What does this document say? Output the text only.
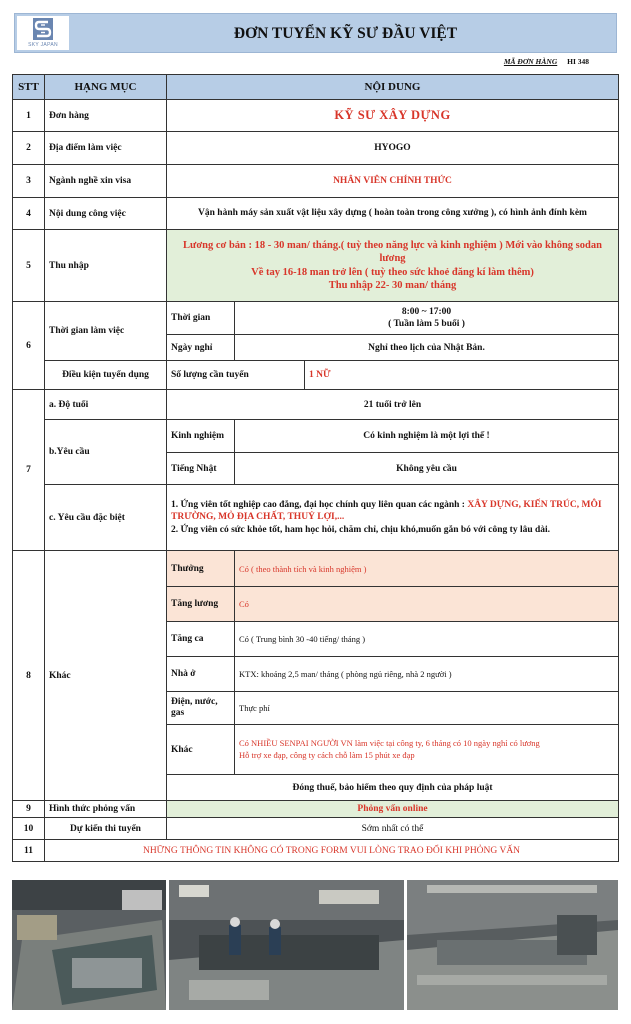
SKY JAPAN
ĐƠN TUYỂN KỸ SƯ ĐẦU VIỆT
MÃ ĐƠN HÀNG HI 348
STT	HẠNG MỤC	NỘI DUNG		
1	Đơn hàng	KỸ SƯ XÂY DỰNG		
2	Địa điểm làm việc	HYOGO		
3	Ngành nghề xin visa	NHÂN VIÊN CHÍNH THỨC		
4	Nội dung công việc	Vận hành máy sản xuất vật liệu xây dựng ( hoàn toàn trong công xưởng ), có hình ảnh đính kèm		
5	Thu nhập	Lương cơ bản : 18 - 30 man/ tháng.( tuỳ theo năng lực và kinh nghiệm ) Mới vào không sodan lương
Về tay 16-18 man trở lên ( tuỳ theo sức khoẻ đăng kí làm thêm)
Thu nhập 22- 30 man/ tháng		

6	Thời gian làm việc	Thời gian	8:00 ~ 17:00
( Tuần làm 5 buổi )	

		Ngày nghỉ	Nghỉ theo lịch của Nhật Bản.	
	Điều kiện tuyển dụng	Số lượng cần tuyển		1 NỮ
7	a. Độ tuổi	21 tuổi trở lên		
	b.Yêu cầu	Kinh nghiệm	Có kinh nghiệm là một lợi thế !	
		Tiếng Nhật	Không yêu cầu	
	c. Yêu cầu đặc biệt	1. Ứng viên tốt nghiệp cao đẳng, đại học chính quy liên quan các ngành : XÂY DỰNG, KIẾN TRÚC, MÔI TRƯỜNG, MỎ ĐỊA CHẤT, THUỶ LỢI,...
2. Ứng viên có sức khỏe tốt, ham học hỏi, chăm chỉ, chịu khó,muốn gắn bó với công ty lâu dài.		

8	Khác	Thưởng	Có ( theo thành tích và kinh nghiệm )	
		Tăng lương	Có	
		Tăng ca	Có ( Trung bình 30 -40 tiếng/ tháng )	
		Nhà ở	KTX: khoảng 2,5 man/ tháng ( phòng ngủ riêng, nhà 2 người )	
		Điện, nước, gas	Thực phí	
		Khác	Có NHIỀU SENPAI NGƯỜI VN làm việc tại công ty, 6 tháng có 10 ngày nghỉ có lương
Hỗ trợ xe đạp, công ty cách chỗ làm 15 phút xe đạp	

		Đóng thuế, bảo hiểm theo quy định của pháp luật		
9	Hình thức phỏng vấn	Phỏng vấn online		
10	Dự kiến thi tuyển	Sớm nhất có thể		
11	NHỮNG THÔNG TIN KHÔNG CÓ TRONG FORM VUI LÒNG TRAO ĐỔI KHI PHỎNG VẤN			
